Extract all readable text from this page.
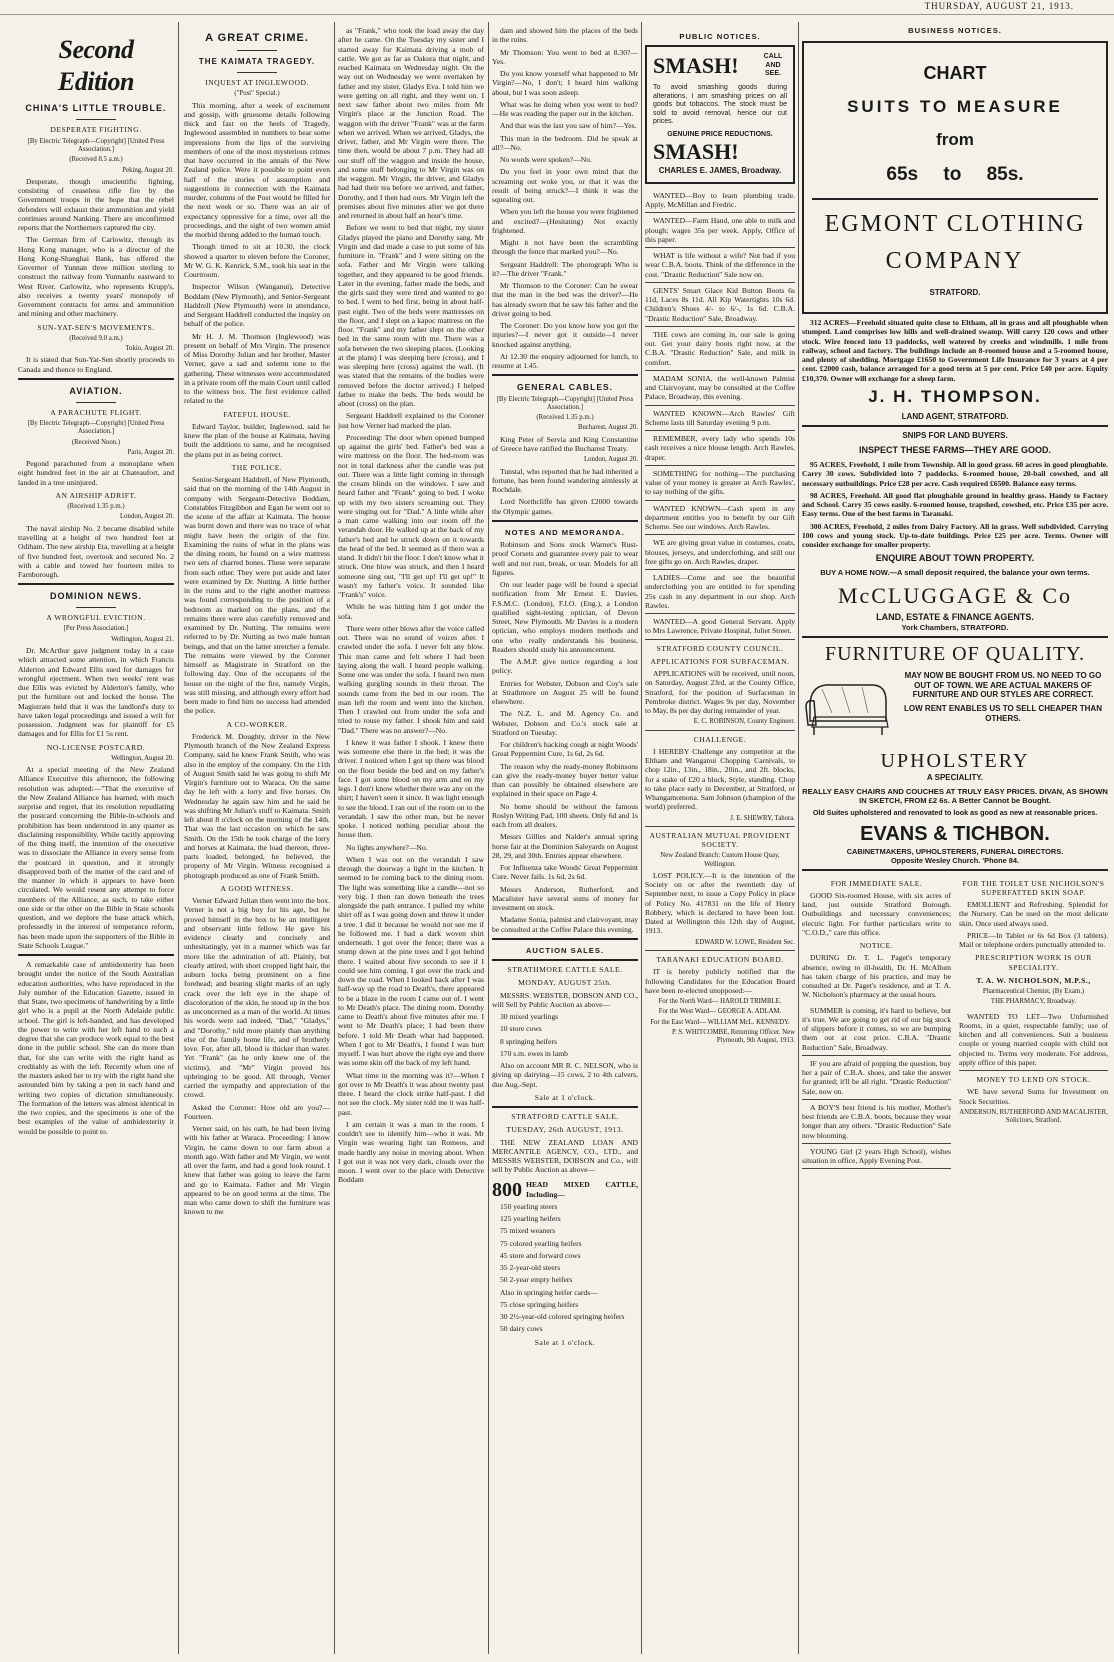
THURSDAY, AUGUST 21, 1913.
Second Edition
CHINA'S LITTLE TROUBLE.
DESPERATE FIGHTING.
[By Electric Telegraph—Copyright] [United Press Association.]
(Received 8.5 a.m.)
Peking, August 20.

Desperate, though unscientific fighting, consisting of ceaseless rifle fire by the Government troops in the hope that the rebel defenders will exhaust their ammunition and yield continues around Nanking. There are unconfirmed reports that the Northerners captured the city.

The German firm of Carlowitz, through its Hong Kong manager, who is a director of the Hong Kong-Shanghai Bank, has offered the Governor of Yunnan three million sterling to construct the railway from Yunnanfu eastward to West River. Carlowitz, who represents Krupp's, also receives a twenty years' monopoly of Government contracts for arms and ammunition and mining and other machinery.

SUN-YAT-SEN'S MOVEMENTS.
(Received 9.0 a.m.)
Tokio, August 20.

It is stated that Sun-Yat-Sen shortly proceeds to Canada and thence to England.

AVIATION.
A PARACHUTE FLIGHT.
[By Electric Telegraph—Copyright] [United Press Association.]
(Received Noon.)
Paris, August 20.

Pegond parachuted from a monoplane when eight hundred feet in the air at Chateaufort, and landed in a tree uninjured.

AN AIRSHIP ADRIFT.
(Received 1.35 p.m.)
London, August 20.

The naval airship No. 2 became disabled while travelling at a height of two hundred feet at Odiham. The new airship Eta, travelling at a height of five hundred feet, overtook and secured No. 2 with a cable and towed her fourteen miles to Farnborough.

DOMINION NEWS.
A WRONGFUL EVICTION.
[Per Press Association.]
Wellington, August 21.

Dr. McArthur gave judgment today in a case which attracted some attention, in which Francis Alderton and Edward Ellis sued for damages for wrongful ejectment. When two weeks' rent was due Ellis was evicted by Alderton's family, who put the furniture out and locked the house. The Magistrate held that it was the landlord's duty to have taken legal proceedings and issued a writ for possession. Judgment was for plaintiff for £5 damages and for Ellis for £1 5s rent.

NO-LICENSE POSTCARD.
Wellington, August 20.

At a special meeting of the New Zealand Alliance Executive this afternoon, the following resolution was adopted:—"That the executive of the New Zealand Alliance has learned, with much surprise and regret, that its resolution repudiating the postcard concerning the Bible-in-schools and prohibition has been understood in any quarter as disclaiming responsibility. While tacitly approving of the thing itself, the intention of the executive was to dissociate the Alliance in every sense from the postcard in question, and it strongly disapproved both of the matter of the card and of the manner in which it appears to have been circulated. We would resent any attempt to force members of the Alliance, as such, to take either one side or the other on the Bible in State schools question, and we deplore the base attack which, professedly in the interest of temperance reform, has been made upon the supporters of the Bible in State Schools League."

A remarkable case of ambidexterity has been brought under the notice of the South Australian education authorities, who have reproduced in the July number of the Education Gazette, issued in that State, two specimens of handwriting by a little girl who is a pupil at the North Adelaide public school. The girl is left-handed, and has developed the power to write with her left hand to such a degree that she can produce work equal to the best done in the public school. She can do more than that, for she can write with the right hand as creditably as with the left. Recently when one of the masters asked her to try with the right hand she astounded him by taking a pen in each hand and writing two copies of dictation simultaneously. The formation of the letters was almost identical in the two copies, and the specimens is one of the best examples of the value of ambidexterity it would be possible to point to.

A GREAT CRIME.
THE KAIMATA TRAGEDY.
INQUEST AT INGLEWOOD.
("Post" Special.)

This morning, after a week of excitement and gossip, with gruesome details following thick and fast on the heels of Tragedy, Inglewood assembled in numbers to hear some impressions from the lips of the surviving members of one of the most mysterious crimes that have occurred in the annals of the New Zealand police. Were it possible to point even half of the stories of assumption and suggestions in connection with the Kaimata murder, columns of the Post would be filled for the next week or so. There was an air of expectancy oppressive for a time, over all the proceedings, and the sight of two women amid the morbid throng added to the human touch.

Though timed to sit at 10.30, the clock showed a quarter to eleven before the Coroner, Mr W. G. K. Kenrick, S.M., took his seat in the Courtroom.

Inspector Wilson (Wanganui), Detective Boddam (New Plymouth), and Senior-Sergeant Haddrell (New Plymouth) were in attendance, and Sergeant Haddrell conducted the inquiry on behalf of the police.

Mr H. J. M. Thomson (Inglewood) was present on behalf of Mrs Virgin. The presence of Miss Dorothy Julian and her brother, Master Verner, gave a sad and solemn tone to the gathering. These witnesses were accommodated in a private room off the main Court until called to the witness box. The first evidence called related to the

FATEFUL HOUSE.

Edward Taylor, builder, Inglewood, said he knew the plan of the house at Kaimata, having built the additions to same, and he recognised the plans put in as being correct.

THE POLICE.

Senior-Sergeant Haddrell, of New Plymouth, said that on the morning of the 14th August in company with Sergeant-Detective Boddam, Constables Fitzgibbon and Egan he went out to the scene of the affair at Kaimata. The house was burnt down and there was no trace of what might have been the origin of the fire. Examining the ruins of what in the plans was the dining room, he found on a wire mattress two sets of charred bones. These were separate from each other. They were put aside and later were examined by Dr. Nutting. A little further in the ruins and to the right another mattress was found corresponding to the position of a bedroom as marked on the plans, and the remains there were also carefully removed and examined by Dr. Nutting. The remains were referred to by Dr. Nutting as two male human beings, and that on the latter stretcher a female. The remains were viewed by the Coroner himself as Magistrate in Stratford on the following day. One of the occupants of the house on the night of the fire, namely Virgin, was still missing, and although every effort had been made to find him no success had attended the police.

A CO-WORKER.

Frederick M. Doughty, driver in the New Plymouth branch of the New Zealand Express Company, said he knew Frank Smith, who was also in the employ of the company. On the 11th of August Smith said he was going to shift Mr Virgin's furniture out to Waraca. On the same day he left with a lorry and five horses. On Wednesday he again saw him and he said he was shifting Mr Julian's stuff to Kaimata. Smith left about 8 o'clock on the morning of the 14th. That was the last occasion on which he saw Smith. On the 15th he took charge of the lorry and horses at Kaimata, the load thereon, three-parts loaded, belonged, he believed, the property of Mr Virgin. Witness recognised a photograph produced as one of Frank Smith.

A GOOD WITNESS.

Verner Edward Julian then went into the box. Verner is not a big boy for his age, but he proved himself in the box to be an intelligent and observant little fellow. He gave his evidence clearly and concisely and unhesitatingly, yet in a manner which was far more like the admiration of all. Plainly, but clearly attired, with short cropped light hair, the auburn locks being prominent on a fine forehead; and bearing slight marks of an ugly crack over the left eye in the shape of discoloration of the skin, he stood up in the box as unconcerned as a man of the world. At times his words were sad indeed, "Dad," "Gladys," and "Dorothy," told more plainly than anything else of the family home life, and of brotherly love. For, after all, blood is thicker than water. Yet "Frank" (as he only knew one of the victims), and "Mr" Virgin proved his upbringing to be good. All through, Verner carried the sympathy and appreciation of the crowd.

Asked the Coroner: How old are you?—Fourteen.

Verner said, on his oath, he had been living with his father at Waraca. Proceeding: I know Virgin, he came down to our farm about a month ago. With father and Mr Virgin, we went all over the farm, and had a good look round. I knew that father was going to leave the farm and go to Kaimata. Father and Mr Virgin appeared to be on good terms at the time. The man who came down to shift the furniture was known to me

as "Frank," who took the load away the day after he came. On the Tuesday my sister and I started away for Kaimata driving a mob of cattle. We got as far as Oakura that night, and reached Kaimata on Wednesday night. On the way out on Wednesday we were overtaken by father and my sister, Gladys Eva. I told him we were getting on all right, and they went on. I next saw father about two miles from Mr Virgin's place at the Junction Road. The waggon with the driver "Frank" was at the farm when we arrived. When we arrived, Gladys, the driver, father, and Mr Virgin were there. The time then, would be about 7 p.m. They had all our stuff off the waggon and inside the house, and some stuff belonging to Mr Virgin was on the waggon. Mr Virgin, the driver, and Gladys had had their tea before we arrived, and father, Dorothy, and I then had ours. Mr Virgin left the premises about five minutes after we got there and returned in about half an hour's time.

Before we went to bed that night, my sister Gladys played the piano and Dorothy sang. Mr Virgin and dad made a case to put some of his furniture in. "Frank" and I were sitting on the sofa. Father and Mr Virgin were talking together, and they appeared to be good friends. Later in the evening, father made the beds, and the girls said they were tired and wanted to go to bed. I went to bed first, being in about half-past eight. Two of the beds were mattresses on the floor, and I slept on a kapoc mattress on the floor. "Frank" and my father slept on the other bed in the same room with me. There was a sofa between the two sleeping places. (Looking at the plans) I was sleeping here (cross), and I was sleeping here (cross) against the wall. (It was stated that the remains of the bodies were removed before the doctor arrived.) I helped father to make the beds. The beds would be about (cross) on the plan.

Sergeant Haddrell explained to the Coroner just how Verner had marked the plan.

Proceeding: The door when opened bumped up against the girls' bed. Father's bed was a wire mattress on the floor. The bed-room was not in total darkness after the candle was put out. There was a little light coming in through the cream blinds on the windows. I saw and heard father and "Frank" going to bed. I woke up with my two sisters screaming out. They were singing out for "Dad." A little while after a man came walking into our room off the verandah door. He walked up at the back of my father's bed and he struck down on it towards the head of the bed. It seemed as if there was a stand. It didn't hit the floor. I don't know what it struck. One blow was struck, and then I heard someone sing out, "I'll get up! I'll get up!" It wasn't my father's voice. It sounded like "Frank's" voice.

While he was hitting him I got under the sofa.

There were other blows after the voice called out. There was no sound of voices after. I crawled under the sofa. I never felt any blow. This man came and felt where I had been laying along the wall. I heard people walking. Some one was under the sofa. I heard two men walking gurgling sounds in their throat. The sounds came from the bed in our room. The man left the room and went into the kitchen. Then I crawled out from under the sofa and tried to rouse my father. I shook him and said "Dad." There was no answer?—No.

I knew it was father I shook. I knew there was someone else there in the bed; it was the driver. I noticed when I got up there was blood on the floor beside the bed and on my father's face. I got some blood on my arm and on my legs. I don't know whether there was any on the shirt; I haven't seen it since. It was light enough to see the blood. I ran out of the room on to the verandah. I saw the other man, but he never spoke. I noticed nothing peculiar about the house then.

No lights anywhere?—No.

When I was out on the verandah I saw through the doorway a light in the kitchen. It seemed to be coming back to the dining room. The light was something like a candle—not so very big. I then ran down beneath the trees alongside the path entrance. I pulled my white shirt off as I was going down and threw it under a tree. I did it because he would not see me if he followed me. I had a dark woven shirt underneath. I got over the fence; there was a stump down at the pine trees and I got behind there. I waited about five seconds to see if I could see him coming. I got over the track and down the road. When I looked back after I was half-way up the road to Death's, there appeared to be a blaze in the room I came out of. I went to Mr Death's place. The dining room. Dorothy came to Death's about five minutes after me. I went to Mr Death's place; I had been there before. I told Mr Death what had happened. When I got to Mr Death's, I found I was hurt myself. I was hurt above the right eye and there was some skin off the back of my left hand.

What time in the morning was it?—When I got over to Mr Death's it was about twenty past three. I heard the clock strike half-past. I did not see the clock. My sister told me it was half-past.

I am certain it was a man in the room. I couldn't see to identify him—who it was. Mr Virgin was wearing light tan Romeos, and made hardly any noise in moving about. When I got out it was not very dark, clouds over the moon. I went over to the place with Detective Boddam

dam and showed him the places of the beds in the ruins.

Mr Thomson: You went to bed at 8.30?—Yes.

Do you know yourself what happened to Mr Virgin?—No, I don't; I heard him walking about, but I was soon asleep.

What was he doing when you went to bed?—He was reading the paper out in the kitchen.

And that was the last you saw of him?—Yes.

This man in the bedroom. Did he speak at all?—No.

No words were spoken?—No.

Do you feel in your own mind that the screaming out woke you, or that it was the result of being struck?—I think it was the squealing out.

When you left the house you were frightened and excited?—(Hesitating) Not exactly frightened.

Might it not have been the scrambling through the fence that marked you?—No.

Sergeant Haddrell: The photograph Who is it?—The driver "Frank."

Mr Thomson to the Coroner: Can he swear that the man in the bed was the driver?—He has already sworn that he saw his father and the driver going to bed.

The Coroner: Do you know how you got the injuries?—I never got it outside—I never knocked against anything.

At 12.30 the enquiry adjourned for lunch, to resume at 1.45.

GENERAL CABLES.
[By Electric Telegraph—Copyright] [United Press Association.]
(Received 1.35 p.m.)
Bucharest, August 20.

King Peter of Servia and King Constantine of Greece have ratified the Bucharest Treaty.

London, August 20.

Tunstal, who reported that he had inherited a fortune, has been found wandering aimlessly at Rochdale.

Lord Northcliffe has given £2000 towards the Olympic games.

NOTES AND MEMORANDA.

Robinson and Sons stock Warner's Rust-proof Corsets and guarantee every pair to wear well and not rust, break, or tear. Models for all figures.

On our leader page will be found a special notification from Mr Ernest E. Davies, F.S.M.C. (London), F.I.O. (Eng.), a London qualified sight-testing optician, of Devon Street, New Plymouth. Mr Davies is a modern optician, who employs modern methods and one who really understands his business. Readers should study his announcement.

The A.M.P. give notice regarding a lost policy.

Entries for Webster, Dobson and Coy's sale at Strathmore on August 25 will be found elsewhere.

The N.Z. L. and M. Agency Co. and Webster, Dobson and Co.'s stock sale at Stratford on Tuesday.

For children's hacking cough at night Woods' Great Peppermint Cure, 1s 6d, 2s 6d.

The reason why the ready-money Robinsons can give the ready-money buyer better value than can possibly be obtained elsewhere are explained in their space on Page 4.

No home should be without the famous Roslyn Writing Pad, 100 sheets. Only 6d and 1s each from all dealers.

Messrs Gillies and Nalder's annual spring horse fair at the Dominion Saleyards on August 28, 29, and 30th. Entries appear elsewhere.

For Influenza take Woods' Great Peppermint Cure. Never fails. 1s 6d, 2s 6d.

Messrs Anderson, Rutherford, and Macalister have several sums of money for investment on stock.

Madame Sonia, palmist and clairvoyant, may be consulted at the Coffee Palace this evening.

AUCTION SALES.
STRATHMORE CATTLE SALE.
MONDAY, AUGUST 25th.

MESSRS. WEBSTER, DOBSON AND CO., will Sell by Public Auction as above—

30 mixed yearlings

10 store cows

8 springing heifers

170 s.m. ewes in lamb

Also on account MR R. C. NELSON, who is giving up dairying—15 cows, 2 to 4th calvers, due Aug.-Sept.

Sale at 1 o'clock.
STRATFORD CATTLE SALE.
TUESDAY, 26th AUGUST, 1913.

THE NEW ZEALAND LOAN AND MERCANTILE AGENCY, CO., LTD., and MESSRS WEBSTER, DOBSON and Co., will sell by Public Auction as above—

800 HEAD MIXED CATTLE, Including—

150 yearling steers

125 yearling heifers

75 mixed weaners

75 colored yearling heifers

45 store and forward cows

35 2-year-old steers

50 2-year empty heifers

Also in springing heifer cards—

75 close springing heifers

30 2½-year-old colored springing heifers

50 dairy cows

Sale at 1 o'clock.
PUBLIC NOTICES.
SMASH!	CALL AND SEE.
To avoid smashing goods during alterations, I am smashing prices on all goods but tobaccos. The stock must be sold to avoid removal, hence our cut prices.
GENUINE PRICE REDUCTIONS.
SMASH!
CHARLES E. JAMES, Broadway.

WANTED—Boy to learn plumbing trade. Apply, McMillan and Fredric.

WANTED—Farm Hand, one able to milk and plough; wages 35s per week. Apply, Office of this paper.

WHAT is life without a wife? Not bad if you wear C.B.A. boots. Think of the difference in the cost. "Drastic Reduction" Sale now on.

GENTS' Smart Glace Kid Button Boots 6s 11d, Laces 8s 11d. All Kip Watertights 10s 6d. Children's Shoes 4/- to 6/-, 1s 6d. C.B.A. "Drastic Reduction" Sale, Broadway.

THE cows are coming in, our sale is going out. Get your dairy boots right now, at the C.B.A. "Drastic Reduction" Sale, and milk in comfort.

MADAM SONIA, the well-known Palmist and Clairvoyant, may be consulted at the Coffee Palace, Broadway, this evening.

WANTED KNOWN—Arch Rawles' Gift Scheme lasts till Saturday evening 9 p.m.

REMEMBER, every lady who spends 10s cash receives a nice blouse length. Arch Rawles, draper.

SOMETHING for nothing—The purchasing value of your money is greater at Arch Rawles', to say nothing of the gifts.

WANTED KNOWN—Cash spent in any department entitles you to benefit by our Gift Scheme. See our windows. Arch Rawles.

WE are giving great value in costumes, coats, blouses, jerseys, and underclothing, and still our free gifts go on. Arch Rawles, draper.

LADIES—Come and see the beautiful underclothing you are entitled to for spending 25s cash in any department in our shop. Arch Rawles.

WANTED—A good General Servant. Apply to Mrs Lawrence, Private Hospital, Juliet Street.

STRATFORD COUNTY COUNCIL.
APPLICATIONS FOR SURFACEMAN.

APPLICATIONS will be received, until noon, on Saturday, August 23rd, at the County Office, Stratford, for the position of Surfaceman in Pembroke district. Wages 9s per day, November to May, 8s per day during remainder of year.

E. C. ROBINSON, County Engineer.
CHALLENGE.

I HEREBY Challenge any competitor at the Eltham and Wanganui Chopping Carnivals, to chop 12in., 13in., 18in., 20in., and 2ft. blocks, for a stake of £20 a block, Style, standing. Chop to take place early in December, at Stratford, or Whangamomona. Sam Johnson (champion of the world) preferred.

J. E. SHEWRY, Tahora.
AUSTRALIAN MUTUAL PROVIDENT SOCIETY.
New Zealand Branch: Custom House Quay, Wellington.

LOST POLICY.—It is the intention of the Society on or after the twentieth day of September next, to issue a Copy Policy in place of Policy No. 417831 on the life of Henry Robbery, which is declared to have been lost. Dated at Wellington this 12th day of August, 1913.

EDWARD W. LOWE, Resident Sec.
TARANAKI EDUCATION BOARD.

IT is hereby publicly notified that the following Candidates for the Education Board have been re-elected unopposed:—

For the North Ward— HAROLD TRIMBLE.
For the West Ward— GEORGE A. ADLAM.
For the East Ward— WILLIAM McL. KENNEDY.
P. S. WHITCOMBE, Returning Officer. New Plymouth, 9th August, 1913.
BUSINESS NOTICES.
CHART
SUITS TO MEASURE
from
65s to 85s.
EGMONT CLOTHING
COMPANY
STRATFORD.

312 ACRES—Freehold situated quite close to Eltham, all in grass and all ploughable when stumped. Land comprises low hills and well-drained swamp. Will carry 120 cows and other stock. Wire fenced into 13 paddocks, well watered by creeks and windmills. 1 mile from railway, school and factory. The buildings include an 8-roomed house and a 5-roomed house, and plenty of shedding. Mortgage £1650 to Government Life Insurance for 3 years at 4 per cent. £2000 cash, balance arranged for a good term at 5 per cent. Price £40 per acre. Equity £10,370. Owner will exchange for a sheep farm.

J. H. THOMPSON.
LAND AGENT, STRATFORD.
SNIPS FOR LAND BUYERS.
INSPECT THESE FARMS—THEY ARE GOOD.

95 ACRES, Freehold, 1 mile from Township. All in good grass. 60 acres in good ploughable. Carry 30 cows. Subdivided into 7 paddocks. 6-roomed house, 20-bail cowshed, and all necessary outbuildings. Price £28 per acre. Cash required £6500. Balance easy terms.

98 ACRES, Freehold. All good flat ploughable ground in healthy grass. Handy to Factory and School. Carry 35 cows easily. 6-roomed house, trapshed, cowshed, etc. Price £35 per acre. Easy terms. One of the best farms in Taranaki.

300 ACRES, Freehold, 2 miles from Dairy Factory. All in grass. Well subdivided. Carrying 100 cows and young stock. Up-to-date buildings. Price £25 per acre. Terms. Owner will consider exchange for smaller property.

ENQUIRE ABOUT TOWN PROPERTY.
BUY A HOME NOW.—A small deposit required, the balance your own terms.
McCLUGGAGE & Co
LAND, ESTATE & FINANCE AGENTS.
York Chambers, STRATFORD.
FURNITURE OF QUALITY.
MAY NOW BE BOUGHT FROM US. NO NEED TO GO OUT OF TOWN. WE ARE ACTUAL MAKERS OF FURNITURE AND OUR STYLES ARE CORRECT.
LOW RENT ENABLES US TO SELL CHEAPER THAN OTHERS.
UPHOLSTERY
A SPECIALITY.
REALLY EASY CHAIRS AND COUCHES AT TRULY EASY PRICES. DIVAN, AS SHOWN IN SKETCH, FROM £2 6s. A Better Cannot be Bought.
Old Suites upholstered and renovated to look as good as new at reasonable prices.
EVANS & TICHBON.
CABINETMAKERS, UPHOLSTERERS, FUNERAL DIRECTORS.
Opposite Wesley Church. 'Phone 84.
FOR IMMEDIATE SALE.

GOOD Six-roomed House, with six acres of land, just outside Stratford Borough. Outbuildings and necessary conveniences; electric light. For further particulars write to "C.O.D.," care this office.

NOTICE.

DURING Dr. T. L. Paget's temporary absence, owing to ill-health, Dr. H. McAllum has taken charge of his practice, and may be consulted at Dr. Paget's residence, and at T. A. W. Nicholson's pharmacy at the usual hours.

SUMMER is coming, it's hard to believe, but it's true. We are going to get rid of our big stock of slippers before it comes, so we are bumping them out at cost price. C.B.A. "Drastic Reduction" Sale, Broadway.

IF you are afraid of popping the question, buy her a pair of C.B.A. shoes, and take the answer for granted; it'll be all right. "Drastic Reduction" Sale, now on.

A BOY'S best friend is his mother, Mother's best friends are C.B.A. boots, because they wear longer than any others. "Drastic Reduction" Sale now blooming.

YOUNG Girl (2 years High School), wishes situation in office, Apply Evening Post.

FOR THE TOILET USE NICHOLSON'S SUPERFATTED SKIN SOAP.

EMOLLIENT and Refreshing. Splendid for the Nursery. Can be used on the most delicate skin. Once used always used.

PRICE—In Tablet or 6s 6d Box (3 tablets). Mail or telephone orders punctually attended to.

PRESCRIPTION WORK IS OUR SPECIALITY.
T. A. W. NICHOLSON, M.P.S.,
Pharmaceutical Chemist, (By Exam.)
THE PHARMACY, Broadway.

WANTED TO LET—Two Unfurnished Rooms, in a quiet, respectable family; use of kitchen and all conveniences. Suit a business couple or young married couple with child not objected to. Terms very moderate. For address, apply office of this paper.

MONEY TO LEND ON STOCK.

WE have several Sums for Investment on Stock Securities.

ANDERSON, RUTHERFORD AND MACALISTER, Solicitors, Stratford.
